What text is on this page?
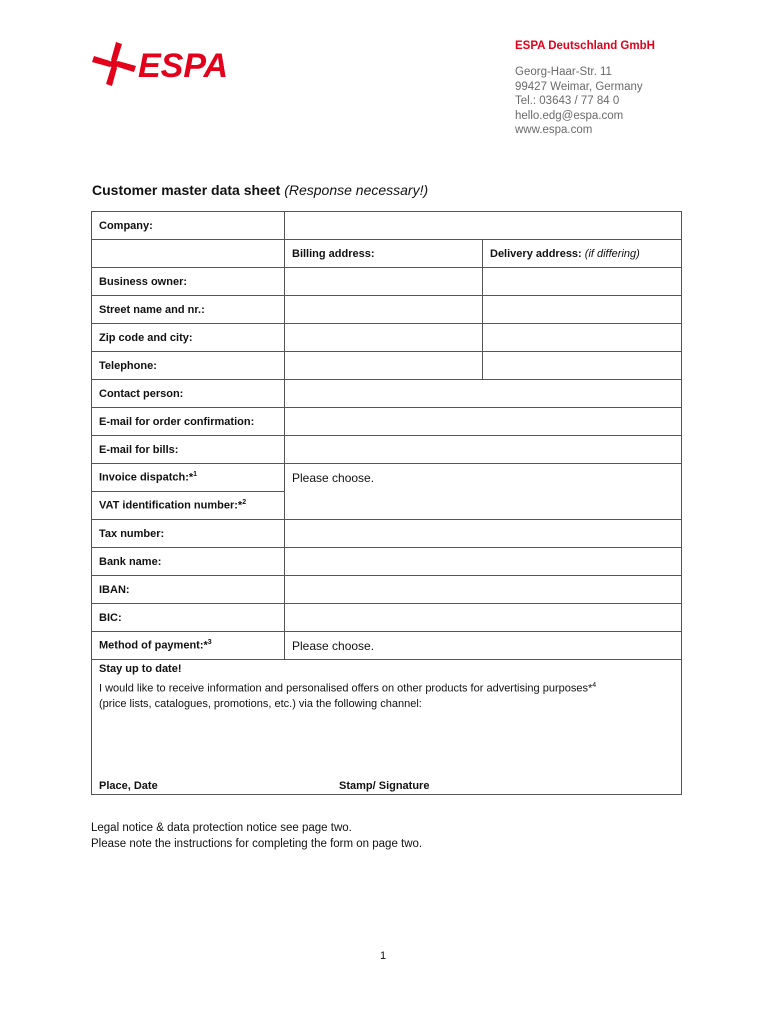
ESPA
ESPA Deutschland GmbH
Georg-Haar-Str. 11
99427 Weimar, Germany
Tel.: 03643 / 77 84 0
hello.edg@espa.com
www.espa.com
Customer master data sheet (Response necessary!)
Company:		
	Billing address:	Delivery address: (if differing)
Business owner:		
Street name and nr.:		
Zip code and city:		
Telephone:		
Contact person:		
E-mail for order confirmation:		
E-mail for bills:		
Invoice dispatch:*$^1$	Please choose.	
VAT identification number:*$^2$
Tax number:		
Bank name:		
IBAN:		
BIC:		
Method of payment:*$^3$	Please choose.	

Stay up to date!
I would like to receive information and personalised offers on other products for advertising purposes*$^4$
(price lists, catalogues, promotions, etc.) via the following channel:
Place, Date Stamp/ Signature		
Legal notice & data protection notice see page two.
Please note the instructions for completing the form on page two.
1
